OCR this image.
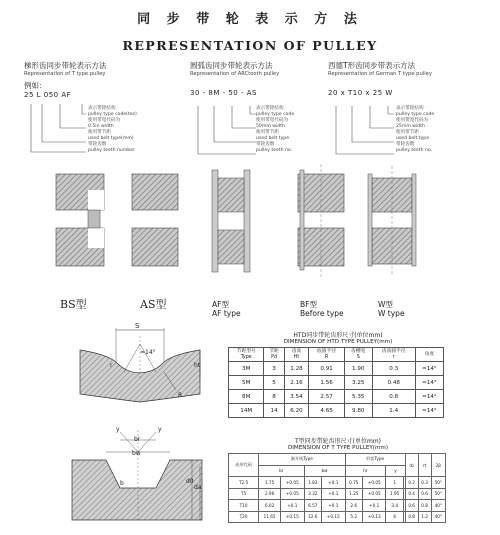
同 步 带 轮 表 示 方 法
REPRESENTATION OF PULLEY
梯形齿同步带轮表示方法
Representation of T type pulley
例如：
25 L 050 AF
表示带轮结构
pulley type code(tes)
使用带宽代码为
0.5in width
使用带节距
used belt type(mm)
带轮齿数
pulley teeth number
圆弧齿同步带轮表示方法
Representation of ARCtooth pulley
30 - 8M - 50 - AS
表示带轮结构
pulley type code
使用带宽代码为
50mm width
使用带节距
used belt type
带轮齿数
pulley teeth no.
西德T形齿同步带表示方法
Representation of German T type pulley
20 x T10 x 25 W
表示带轮结构
pulley type code
使用带宽代码为
25mm width
使用带节距
used belt type
带轮齿数
pulley teeth no.
BS型	AS型	AF型
AF type
BF型
Before type
W型
W type
S
≈14°
ht
r
R
HTD同步带轮齿形尺寸(单位mm)
DIMENSION OF HTD TYPE PULLEY(mm)
节距型号
Type	节距
Pd	齿高
Ht	底圆半径
R	齿槽宽
S	齿顶圆半径
r	角度
3M	3	1.28	0.91	1.90	0.3	≈14°
5M	5	2.16	1.56	3.25	0.48	≈14°
8M	8	3.54	2.57	5.35	0.8	≈14°
14M	14	6.20	4.65	9.80	1.4	≈14°
y	y
br
bw
b	d0
da
T型同步带轮齿形尺寸(单位mm)
DIMENSION OF T TYPE PULLEY(mm)
齿形代码	渐开线Type				形状Type				rb	rt	2β
	br		bw		hr		y				
T2.5	1.75	+0.05	1.83	+0.1	0.75	+0.05	1		0.2	0.3	50°
T5	2.96	+0.05	3.32	+0.1	1.25	+0.05	1.95		0.4	0.6	50°
T10	6.02	+0.1	6.57	+0.1	2.6	+0.1	3.4		0.6	0.8	40°
T20	11.65	+0.15	12.6	+0.15	5.2	+0.13	6		0.8	1.2	40°
